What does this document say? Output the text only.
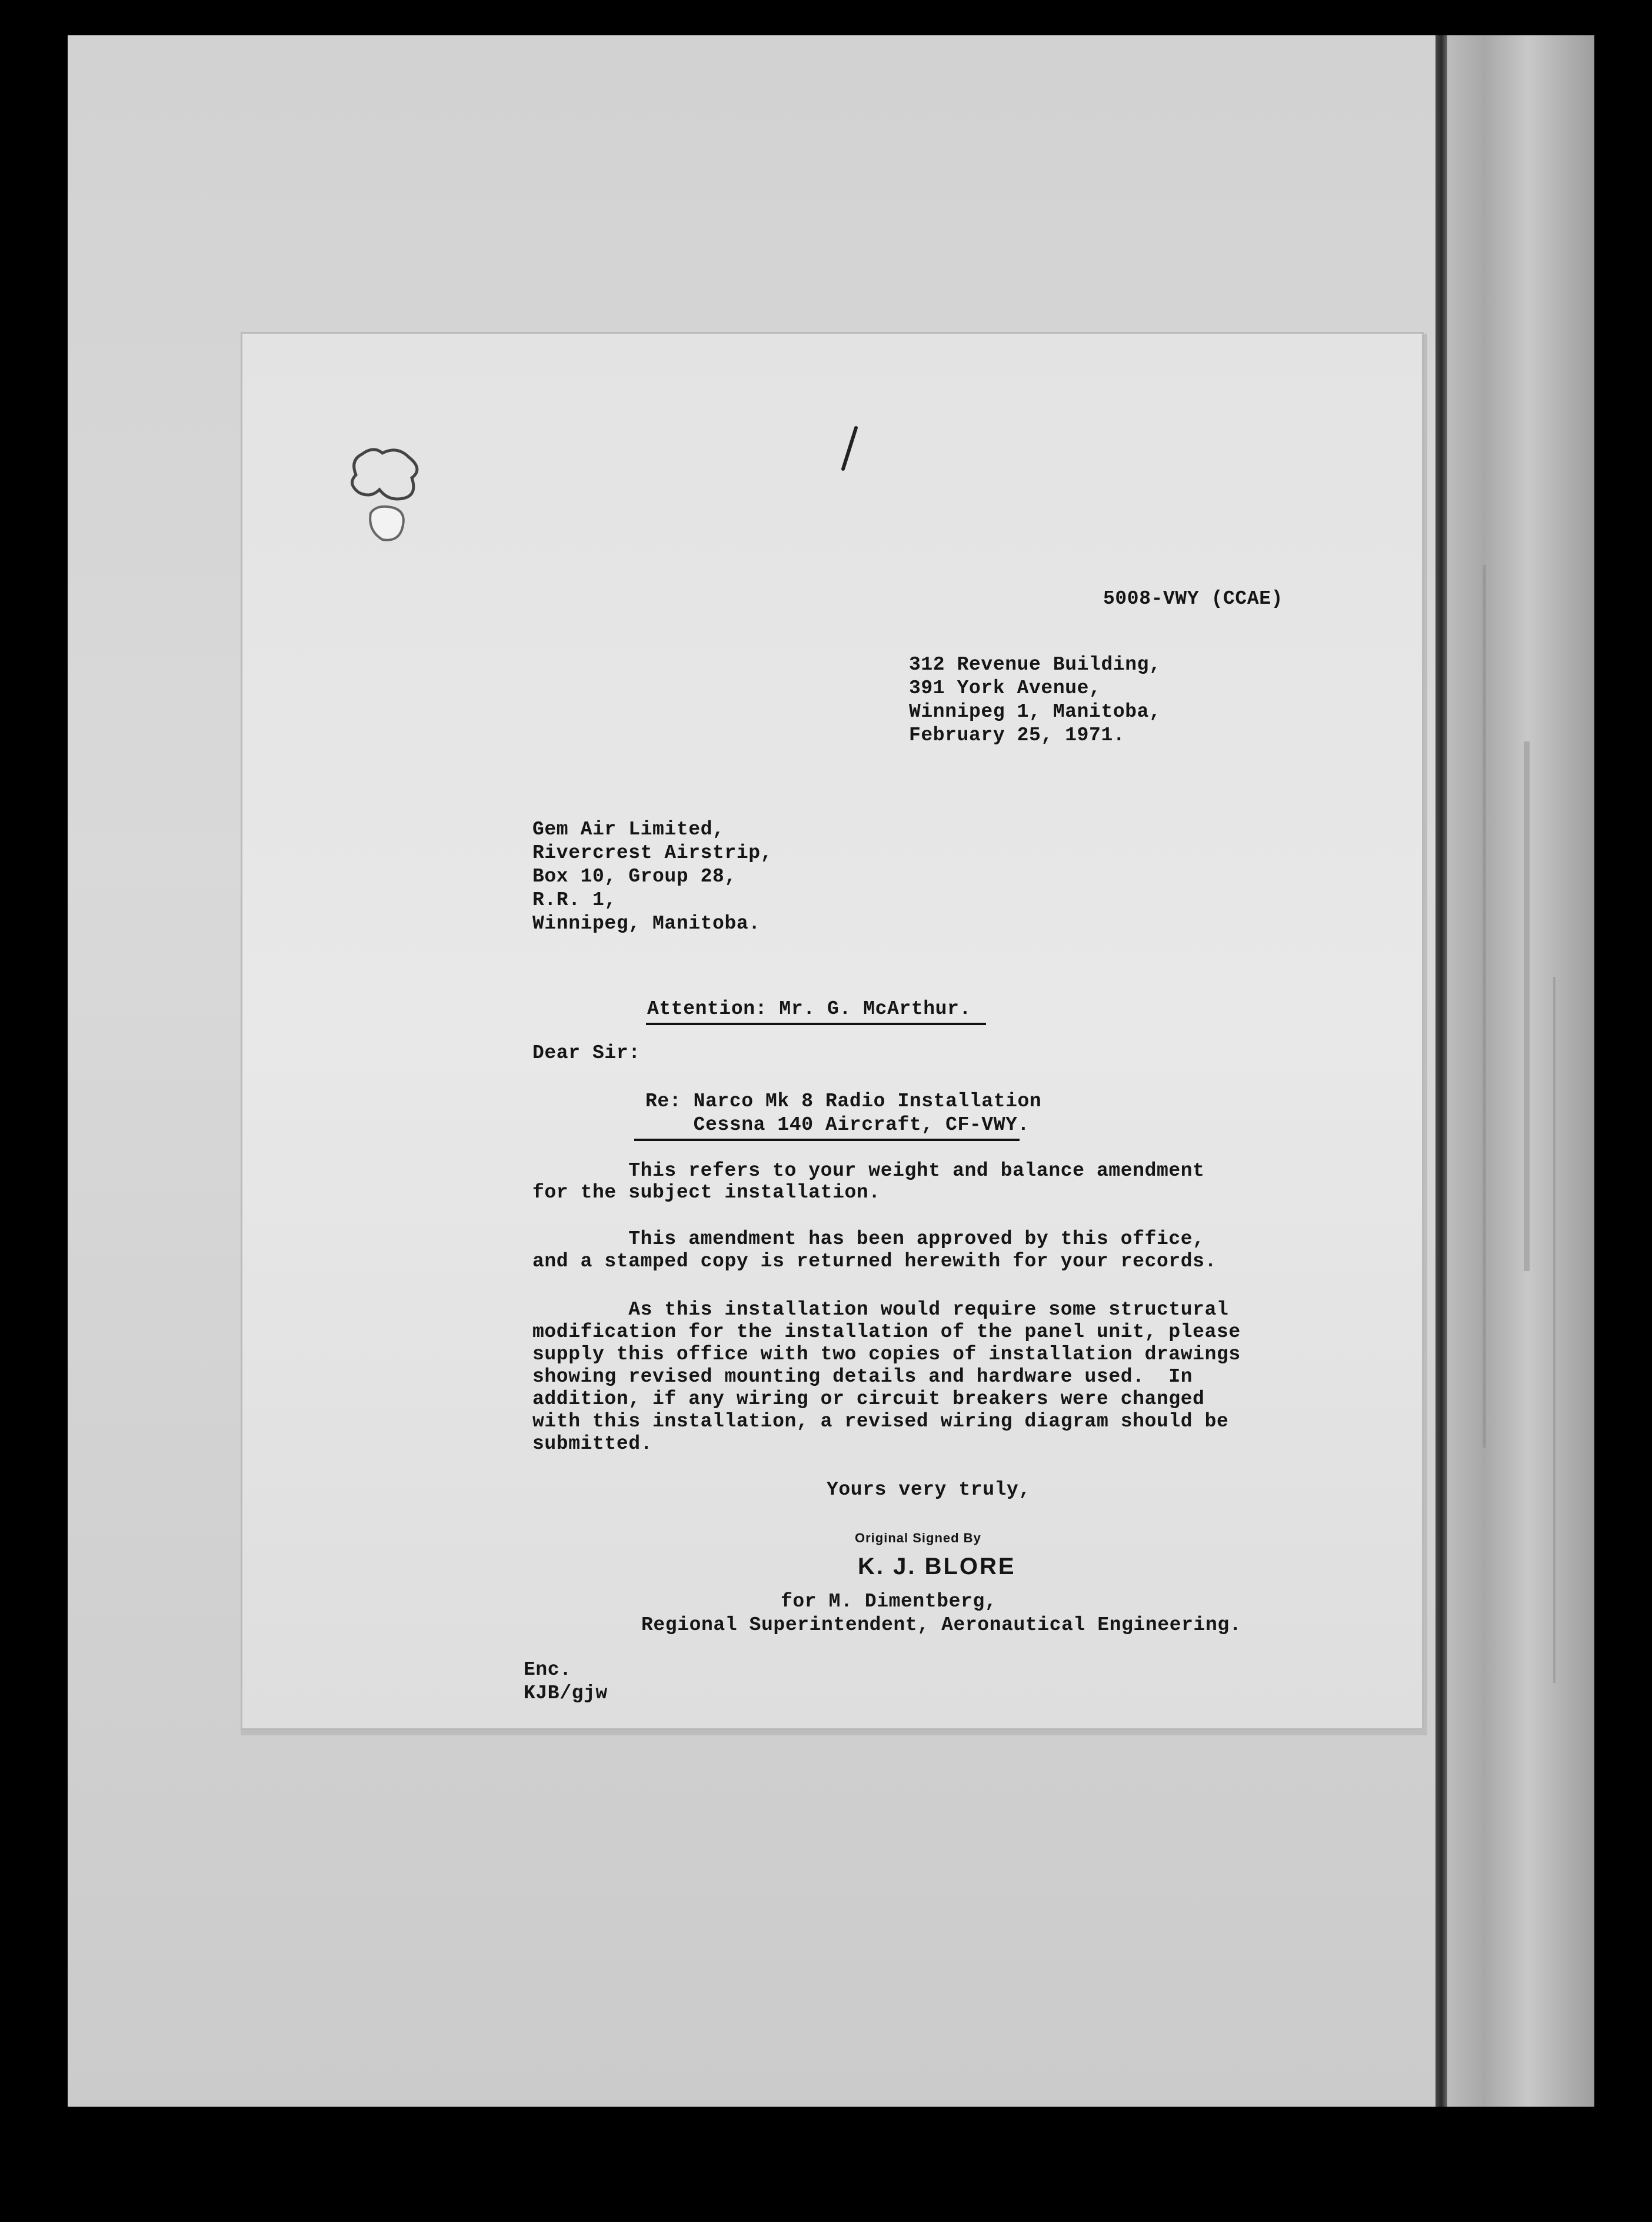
5008-VWY (CCAE)
312 Revenue Building,
391 York Avenue,
Winnipeg 1, Manitoba,
February 25, 1971.
Gem Air Limited,
Rivercrest Airstrip,
Box 10, Group 28,
R.R. 1,
Winnipeg, Manitoba.
Attention: Mr. G. McArthur.
Dear Sir:
Re: Narco Mk 8 Radio Installation
Cessna 140 Aircraft, CF-VWY.
This refers to your weight and balance amendment
for the subject installation.
This amendment has been approved by this office,
and a stamped copy is returned herewith for your records.
As this installation would require some structural
modification for the installation of the panel unit, please
supply this office with two copies of installation drawings
showing revised mounting details and hardware used.  In
addition, if any wiring or circuit breakers were changed
with this installation, a revised wiring diagram should be
submitted.
Yours very truly,
Original Signed By
K. J. BLORE
for M. Dimentberg,
Regional Superintendent, Aeronautical Engineering.
Enc.
KJB/gjw
